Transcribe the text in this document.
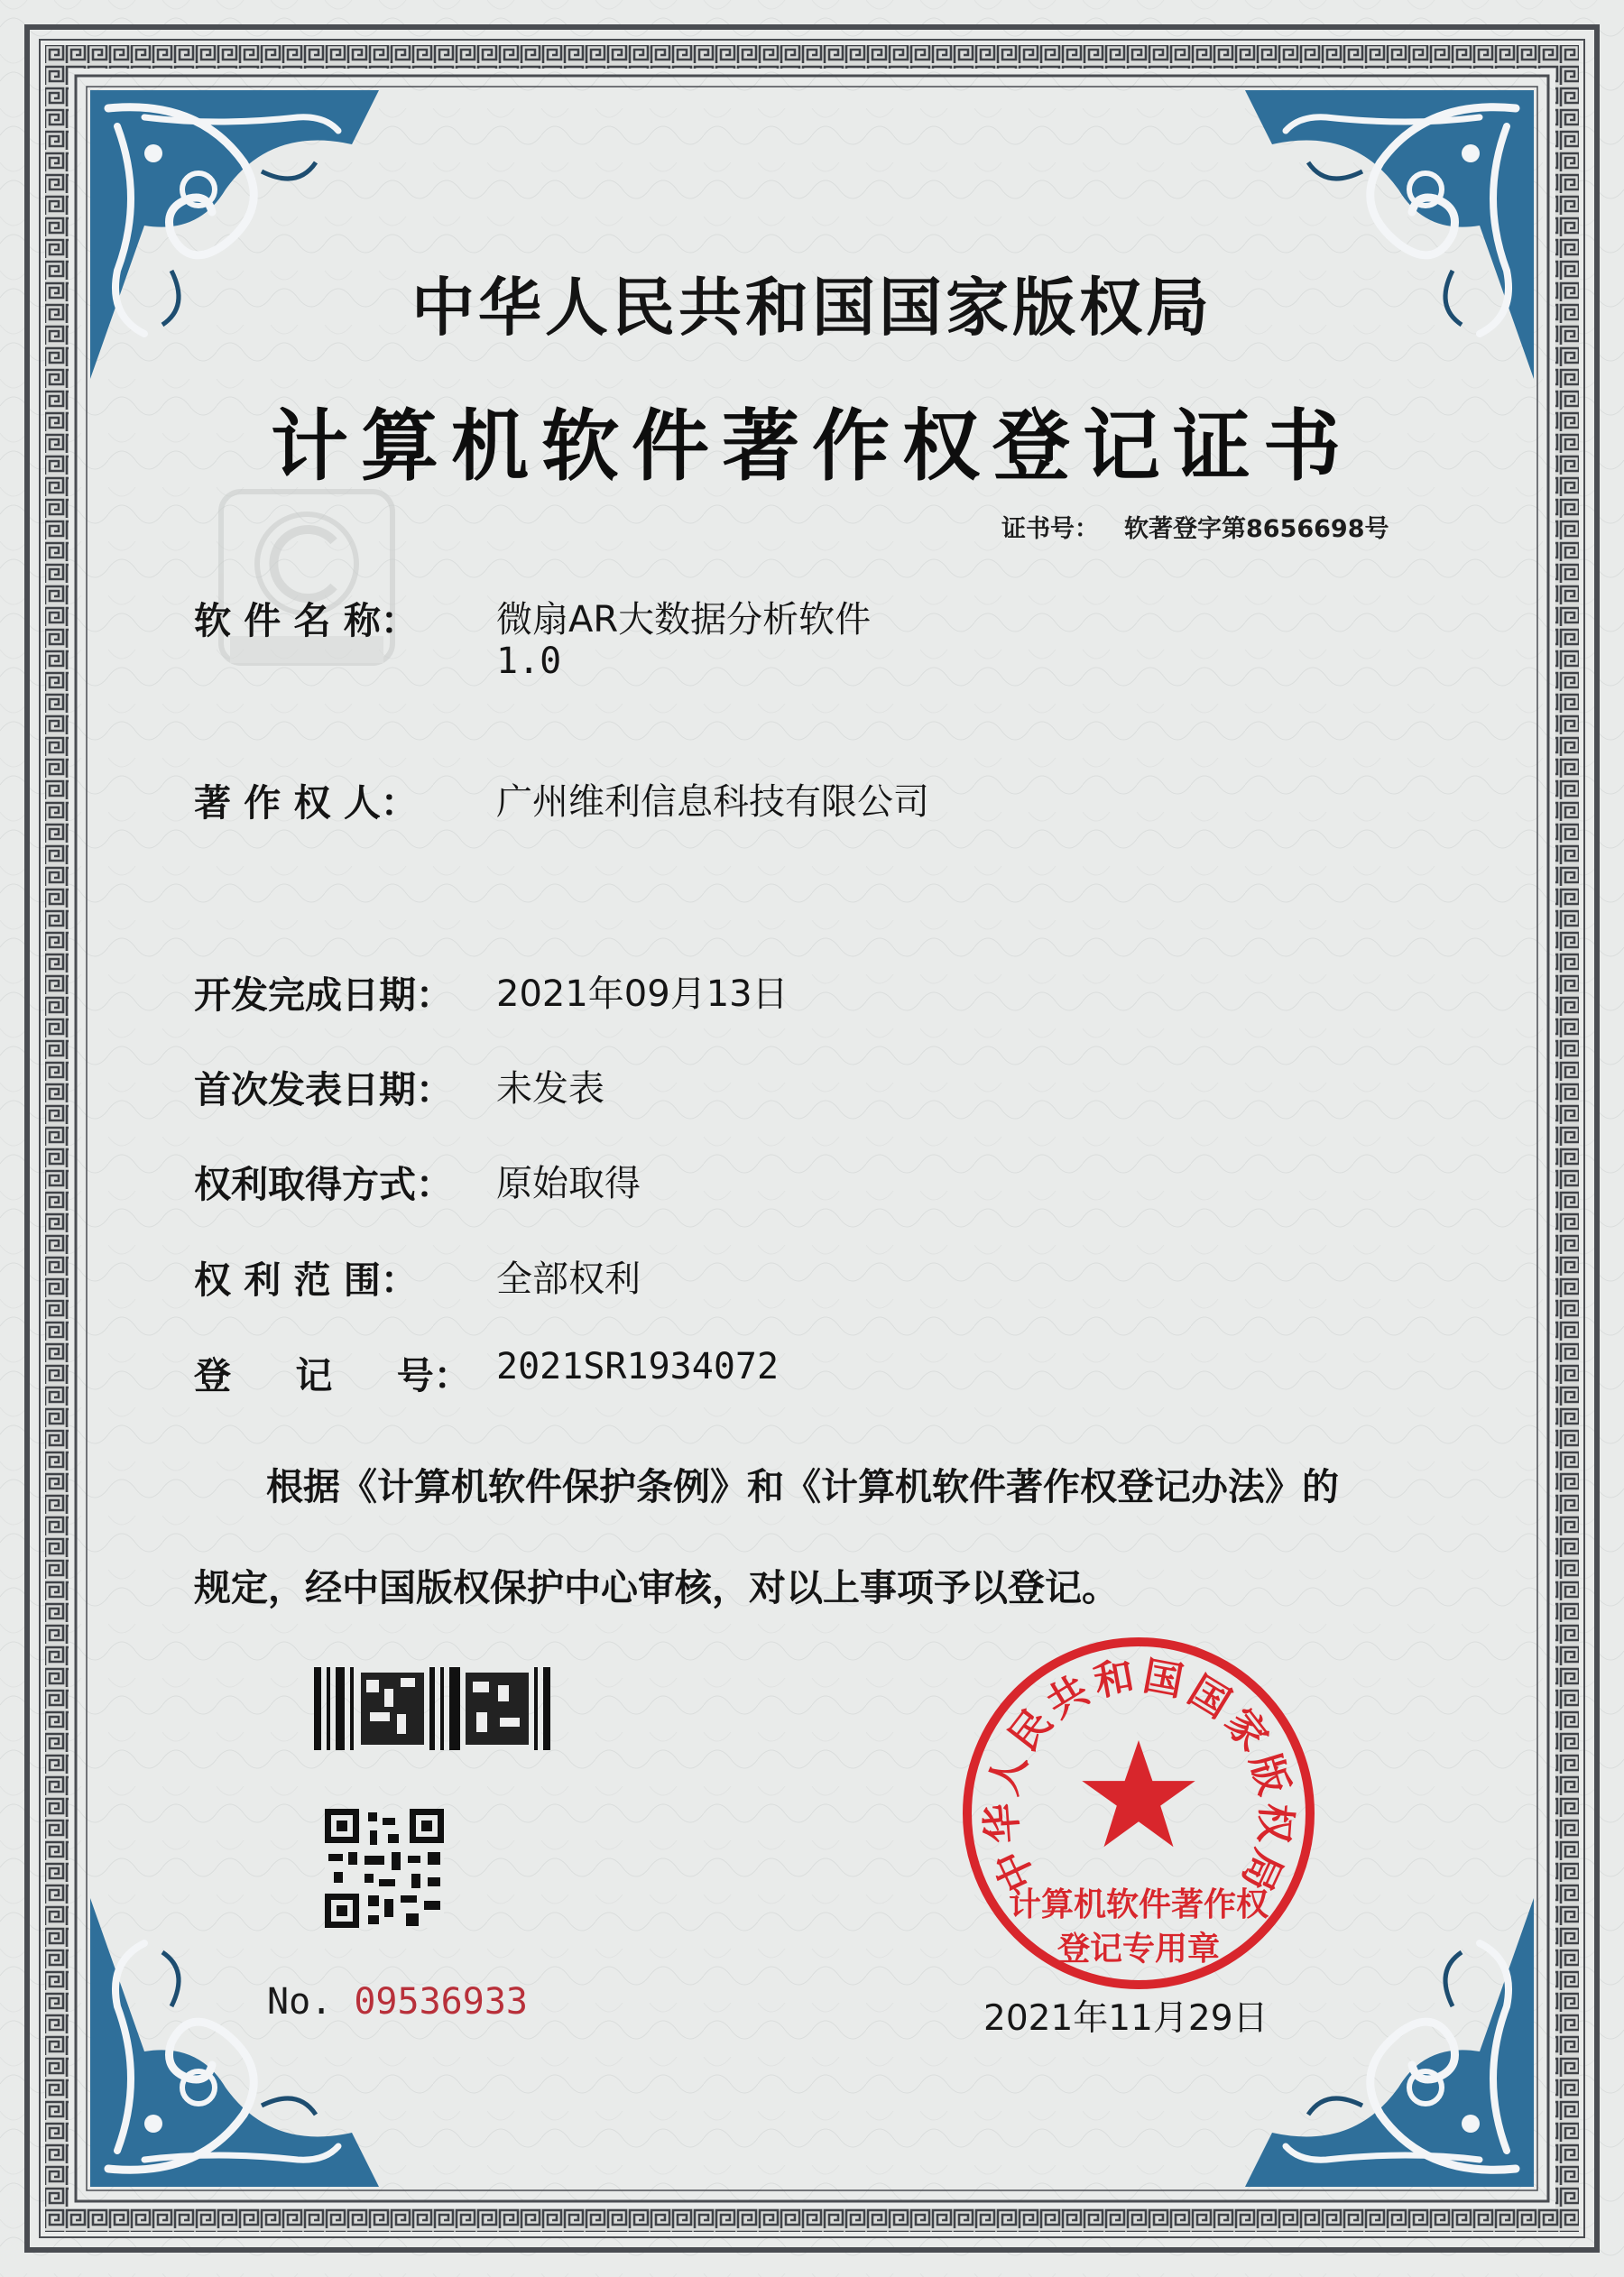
中华人民共和国国家版权局
计算机软件著作权登记证书
证书号： 软著登字第8656698号
软 件 名 称： 微扇AR大数据分析软件
1.0
著 作 权 人： 广州维利信息科技有限公司
开发完成日期： 2021年09月13日
首次发表日期： 未发表
权利取得方式： 原始取得
权 利 范 围： 全部权利
登     记     号： 2021SR1934072
根据《计算机软件保护条例》和《计算机软件著作权登记办法》的
规定，经中国版权保护中心审核，对以上事项予以登记。
中
华
人
民
共
和 国
国
家
版
权
局
计算机软件著作权
登记专用章
No. 09536933	2021年11月29日
